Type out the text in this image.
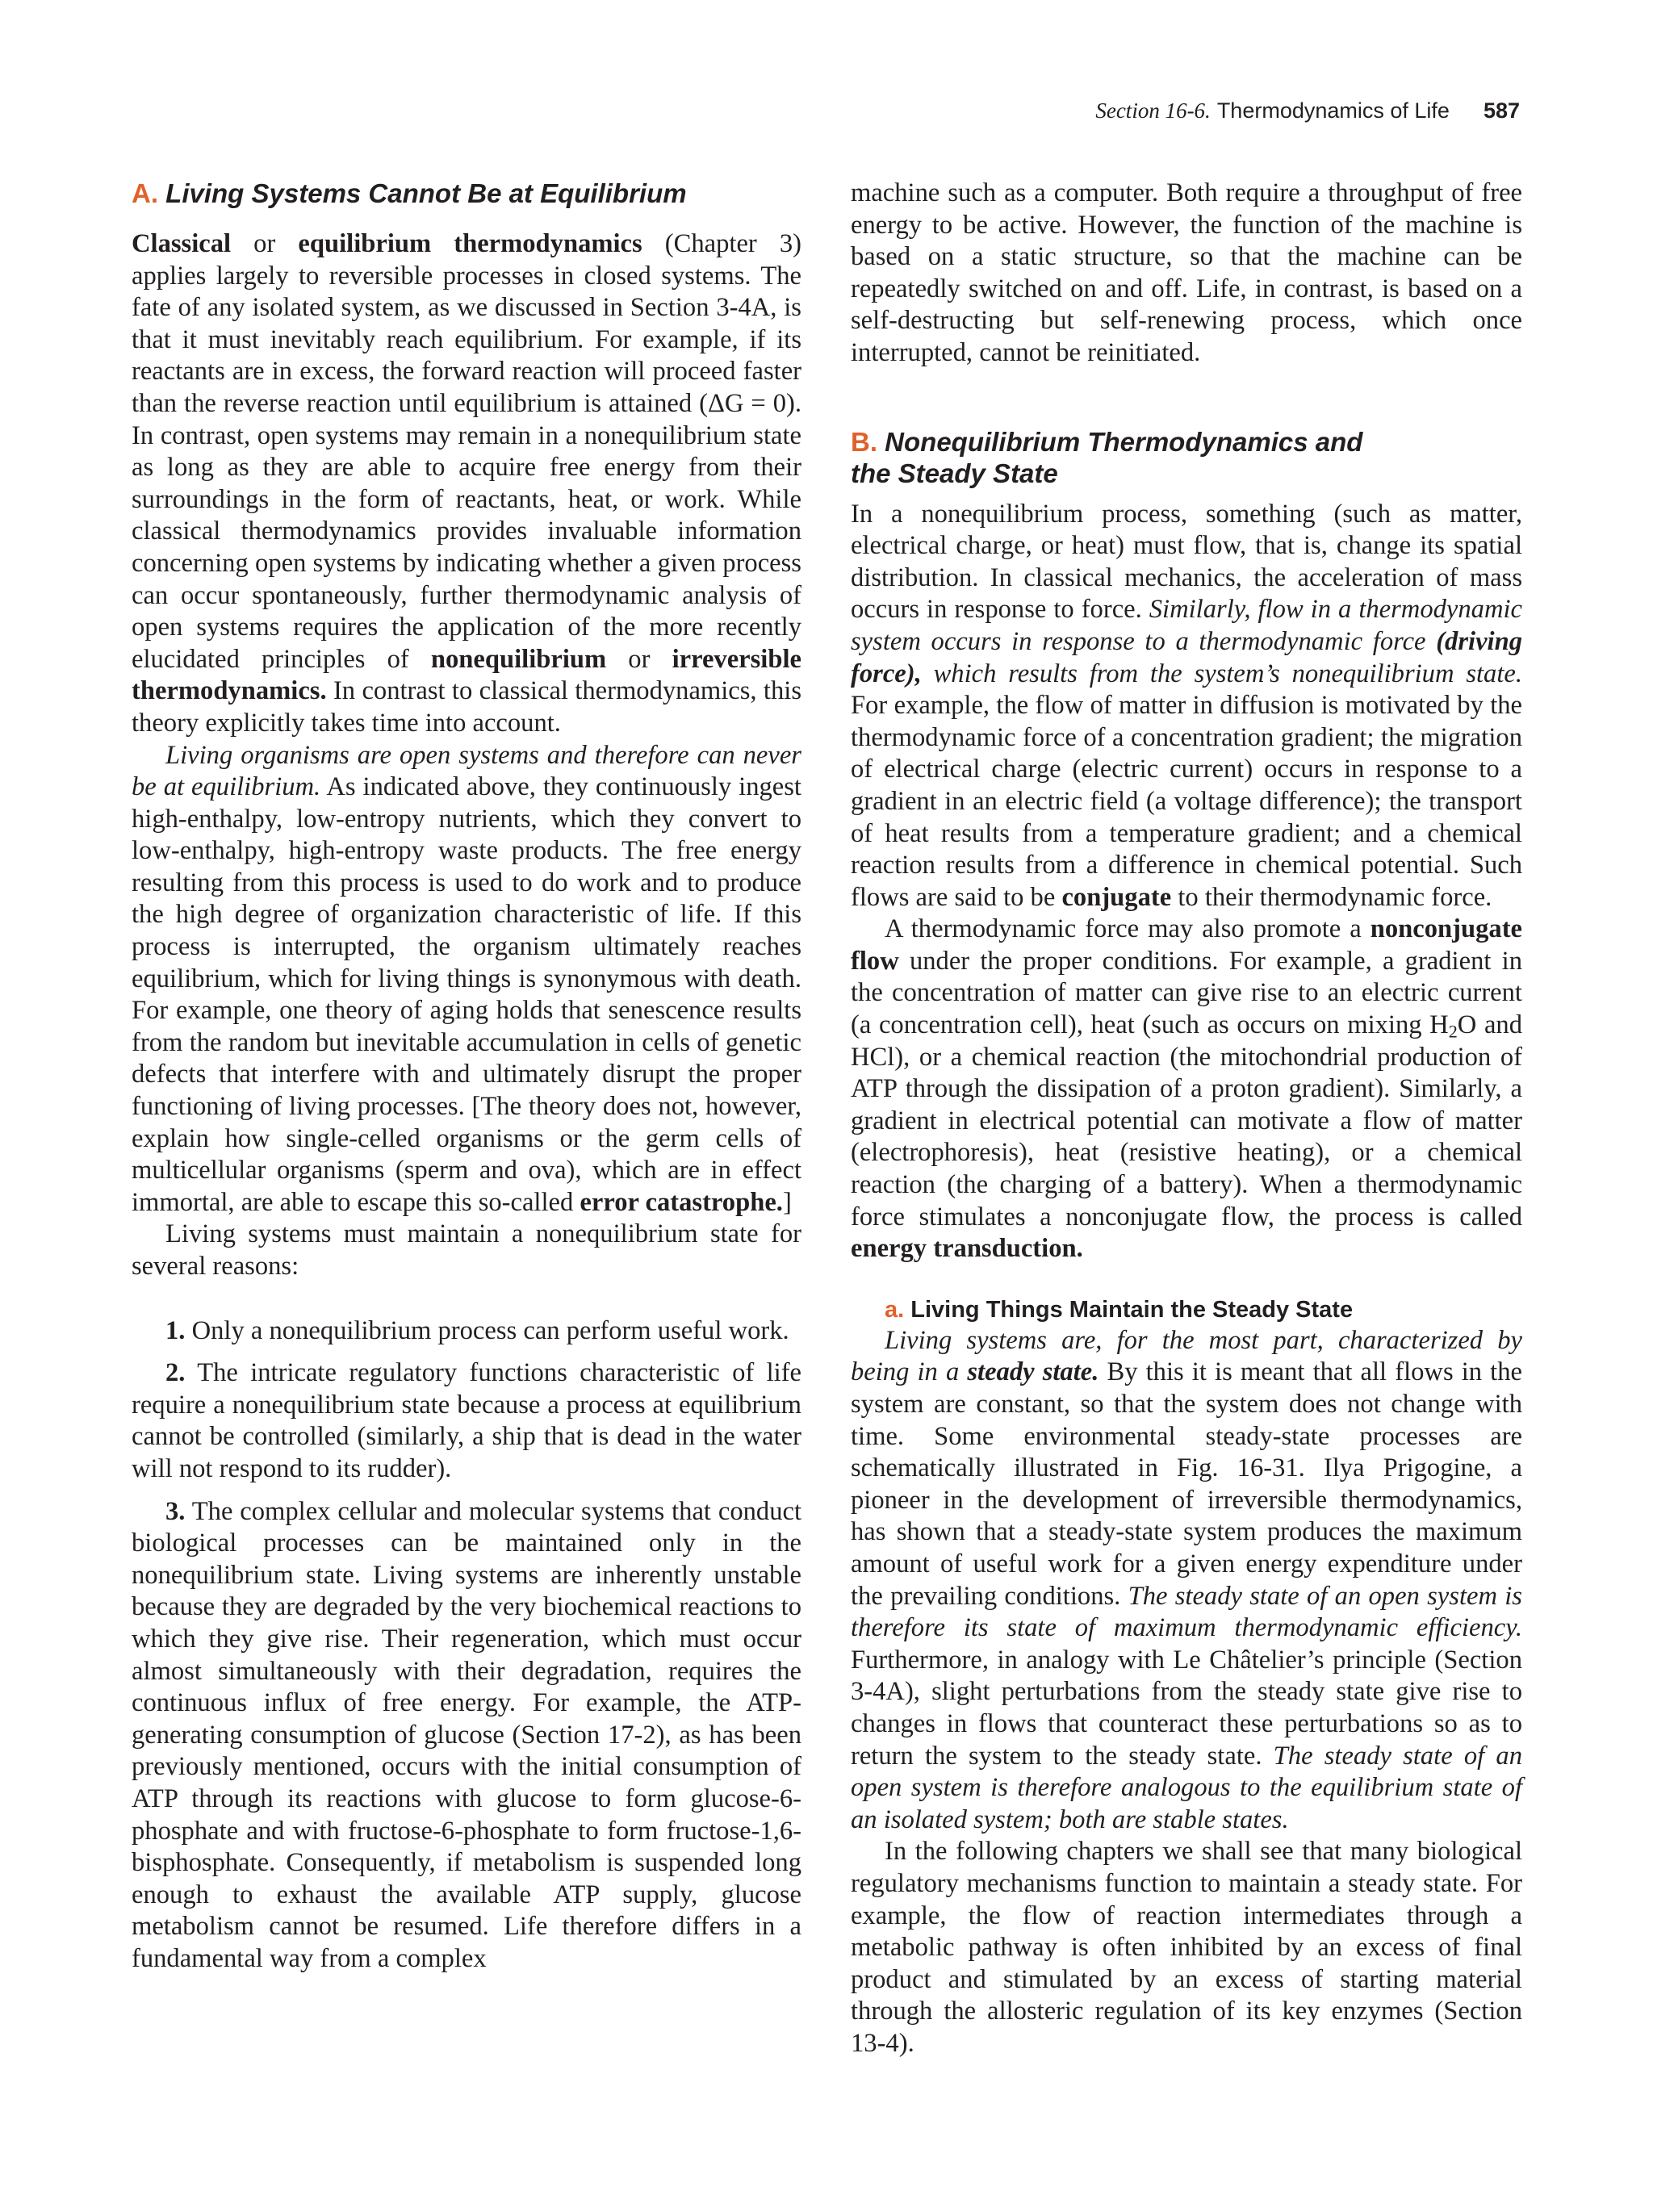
Section 16-6. Thermodynamics of Life 587
A. Living Systems Cannot Be at Equilibrium

Classical or equilibrium thermodynamics (Chapter 3) applies largely to reversible processes in closed systems. The fate of any isolated system, as we discussed in Section 3-4A, is that it must inevitably reach equilibrium. For example, if its reactants are in excess, the forward reaction will proceed faster than the reverse reaction until equilibrium is attained (ΔG = 0). In contrast, open systems may remain in a nonequilibrium state as long as they are able to acquire free energy from their surroundings in the form of reactants, heat, or work. While classical thermodynamics provides invaluable information concerning open systems by indicating whether a given process can occur spontaneously, further thermodynamic analysis of open systems requires the application of the more recently elucidated principles of nonequilibrium or irreversible thermodynamics. In contrast to classical thermodynamics, this theory explicitly takes time into account.

Living organisms are open systems and therefore can never be at equilibrium. As indicated above, they continuously ingest high-enthalpy, low-entropy nutrients, which they convert to low-enthalpy, high-entropy waste products. The free energy resulting from this process is used to do work and to produce the high degree of organization characteristic of life. If this process is interrupted, the organism ultimately reaches equilibrium, which for living things is synonymous with death. For example, one theory of aging holds that senescence results from the random but inevitable accumulation in cells of genetic defects that interfere with and ultimately disrupt the proper functioning of living processes. [The theory does not, however, explain how single-celled organisms or the germ cells of multicellular organisms (sperm and ova), which are in effect immortal, are able to escape this so-called error catastrophe.]

Living systems must maintain a nonequilibrium state for several reasons:

1. Only a nonequilibrium process can perform useful work.

2. The intricate regulatory functions characteristic of life require a nonequilibrium state because a process at equilibrium cannot be controlled (similarly, a ship that is dead in the water will not respond to its rudder).

3. The complex cellular and molecular systems that conduct biological processes can be maintained only in the nonequilibrium state. Living systems are inherently unstable because they are degraded by the very biochemical reactions to which they give rise. Their regeneration, which must occur almost simultaneously with their degradation, requires the continuous influx of free energy. For example, the ATP-generating consumption of glucose (Section 17-2), as has been previously mentioned, occurs with the initial consumption of ATP through its reactions with glucose to form glucose-6-phosphate and with fructose-6-phosphate to form fructose-1,6-bisphosphate. Consequently, if metabolism is suspended long enough to exhaust the available ATP supply, glucose metabolism cannot be resumed. Life therefore differs in a fundamental way from a complex

machine such as a computer. Both require a throughput of free energy to be active. However, the function of the machine is based on a static structure, so that the machine can be repeatedly switched on and off. Life, in contrast, is based on a self-destructing but self-renewing process, which once interrupted, cannot be reinitiated.

B. Nonequilibrium Thermodynamics and
the Steady State

In a nonequilibrium process, something (such as matter, electrical charge, or heat) must flow, that is, change its spatial distribution. In classical mechanics, the acceleration of mass occurs in response to force. Similarly, flow in a thermodynamic system occurs in response to a thermodynamic force (driving force), which results from the system’s nonequilibrium state. For example, the flow of matter in diffusion is motivated by the thermodynamic force of a concentration gradient; the migration of electrical charge (electric current) occurs in response to a gradient in an electric field (a voltage difference); the transport of heat results from a temperature gradient; and a chemical reaction results from a difference in chemical potential. Such flows are said to be conjugate to their thermodynamic force.

A thermodynamic force may also promote a nonconjugate flow under the proper conditions. For example, a gradient in the concentration of matter can give rise to an electric current (a concentration cell), heat (such as occurs on mixing $H_2O$ and HCl), or a chemical reaction (the mitochondrial production of ATP through the dissipation of a proton gradient). Similarly, a gradient in electrical potential can motivate a flow of matter (electrophoresis), heat (resistive heating), or a chemical reaction (the charging of a battery). When a thermodynamic force stimulates a nonconjugate flow, the process is called energy transduction.

a. Living Things Maintain the Steady State

Living systems are, for the most part, characterized by being in a steady state. By this it is meant that all flows in the system are constant, so that the system does not change with time. Some environmental steady-state processes are schematically illustrated in Fig. 16-31. Ilya Prigogine, a pioneer in the development of irreversible thermodynamics, has shown that a steady-state system produces the maximum amount of useful work for a given energy expenditure under the prevailing conditions. The steady state of an open system is therefore its state of maximum thermodynamic efficiency. Furthermore, in analogy with Le Châtelier’s principle (Section 3-4A), slight perturbations from the steady state give rise to changes in flows that counteract these perturbations so as to return the system to the steady state. The steady state of an open system is therefore analogous to the equilibrium state of an isolated system; both are stable states.

In the following chapters we shall see that many biological regulatory mechanisms function to maintain a steady state. For example, the flow of reaction intermediates through a metabolic pathway is often inhibited by an excess of final product and stimulated by an excess of starting material through the allosteric regulation of its key enzymes (Section 13-4).
